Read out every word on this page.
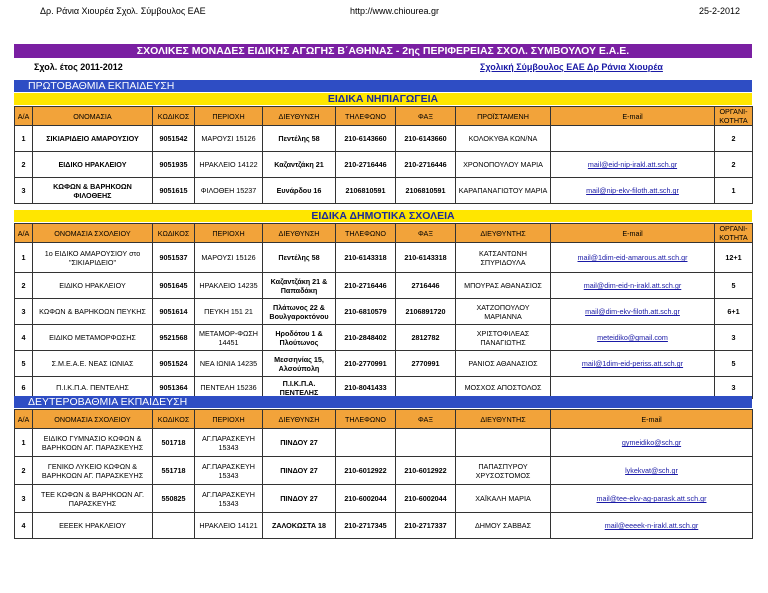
Δρ. Ράνια Χιουρέα Σχολ. Σύμβουλος ΕΑΕ	http://www.chiourea.gr	25-2-2012
ΣΧΟΛΙΚΕΣ ΜΟΝΑΔΕΣ ΕΙΔΙΚΗΣ ΑΓΩΓΗΣ Β΄ΑΘΗΝΑΣ - 2ης ΠΕΡΙΦΕΡΕΙΑΣ ΣΧΟΛ. ΣΥΜΒΟΥΛΟΥ Ε.Α.Ε.
Σχολ. έτος 2011-2012	Σχολική Σύμβουλος ΕΑΕ Δρ Ράνια Χιουρέα
ΠΡΩΤΟΒΑΘΜΙΑ ΕΚΠΑΙΔΕΥΣΗ
ΕΙΔΙΚΑ ΝΗΠΙΑΓΩΓΕΙΑ
Α/Α	ΟΝΟΜΑΣΙΑ	ΚΩΔΙΚΟΣ	ΠΕΡΙΟΧΗ	ΔΙΕΥΘΥΝΣΗ	ΤΗΛΕΦΩΝΟ	ΦΑΞ	ΠΡΟΪΣΤΑΜΕΝΗ	E-mail	ΟΡΓΑΝΙ-ΚΟΤΗΤΑ
1	ΣΙΚΙΑΡΙΔΕΙΟ ΑΜΑΡΟΥΣΙΟΥ	9051542	ΜΑΡΟΥΣΙ 15126	Πεντέλης 58	210-6143660	210-6143660	ΚΟΛΟΚΥΘΑ ΚΩΝ/ΝΑ		2
2	ΕΙΔΙΚΟ ΗΡΑΚΛΕΙΟΥ	9051935	ΗΡΑΚΛΕΙΟ 14122	Καζαντζάκη 21	210-2716446	210-2716446	ΧΡΟΝΟΠΟΥΛΟΥ ΜΑΡΙΑ	mail@eid-nip-irakl.att.sch.gr	2
3	ΚΩΦΩΝ & ΒΑΡΗΚΟΩΝ ΦΙΛΟΘΕΗΣ	9051615	ΦΙΛΟΘΕΗ 15237	Ευνάρδου 16	2106810591	2106810591	ΚΑΡΑΠΑΝΑΓΙΩΤΟΥ ΜΑΡΙΑ	mail@nip-ekv-filoth.att.sch.gr	1
ΕΙΔΙΚΑ ΔΗΜΟΤΙΚΑ ΣΧΟΛΕΙΑ
Α/Α	ΟΝΟΜΑΣΙΑ ΣΧΟΛΕΙΟΥ	ΚΩΔΙΚΟΣ	ΠΕΡΙΟΧΗ	ΔΙΕΥΘΥΝΣΗ	ΤΗΛΕΦΩΝΟ	ΦΑΞ	ΔΙΕΥΘΥΝΤΗΣ	E-mail	ΟΡΓΑΝΙ-ΚΟΤΗΤΑ
1	1ο ΕΙΔΙΚΟ ΑΜΑΡΟΥΣΙΟΥ στο "ΣΙΚΙΑΡΙΔΕΙΟ"	9051537	ΜΑΡΟΥΣΙ 15126	Πεντέλης 58	210-6143318	210-6143318	ΚΑΤΣΑΝΤΩΝΗ ΣΠΥΡΙΔΟΥΛΑ	mail@1dim-eid-amarous.att.sch.gr	12+1
2	ΕΙΔΙΚΟ ΗΡΑΚΛΕΙΟΥ	9051645	ΗΡΑΚΛΕΙΟ 14235	Καζαντζάκη 21 & Παπαδάκη	210-2716446	2716446	ΜΠΟΥΡΑΣ ΑΘΑΝΑΣΙΟΣ	mail@dim-eid-n-irakl.att.sch.gr	5
3	ΚΩΦΩΝ & ΒΑΡΗΚΟΩΝ ΠΕΥΚΗΣ	9051614	ΠΕΥΚΗ 151 21	Πλάτωνος 22 & Βουλγαροκτόνου	210-6810579	2106891720	ΧΑΤΖΟΠΟΥΛΟΥ ΜΑΡΙΑΝΝΑ	mail@dim-ekv-filoth.att.sch.gr	6+1
4	ΕΙΔΙΚΟ ΜΕΤΑΜΟΡΦΩΣΗΣ	9521568	ΜΕΤΑΜΟΡ-ΦΩΣΗ 14451	Ηροδότου 1 & Πλούτωνος	210-2848402	2812782	ΧΡΙΣΤΟΦΙΛΕΑΣ ΠΑΝΑΓΙΩΤΗΣ	meteidiko@gmail.com	3
5	Σ.Μ.Ε.Α.Ε. ΝΕΑΣ ΙΩΝΙΑΣ	9051524	ΝΕΑ ΙΩΝΙΑ 14235	Μεσσηνίας 15, Αλσούπολη	210-2770991	2770991	ΡΑΝΙΟΣ ΑΘΑΝΑΣΙΟΣ	mail@1dim-eid-periss.att.sch.gr	5
6	Π.Ι.Κ.Π.Α. ΠΕΝΤΕΛΗΣ	9051364	ΠΕΝΤΕΛΗ 15236	Π.Ι.Κ.Π.Α. ΠΕΝΤΕΛΗΣ	210-8041433		ΜΟΣΧΟΣ ΑΠΟΣΤΟΛΟΣ		3
ΔΕΥΤΕΡΟΒΑΘΜΙΑ ΕΚΠΑΙΔΕΥΣΗ
Α/Α	ΟΝΟΜΑΣΙΑ ΣΧΟΛΕΙΟΥ	ΚΩΔΙΚΟΣ	ΠΕΡΙΟΧΗ	ΔΙΕΥΘΥΝΣΗ	ΤΗΛΕΦΩΝΟ	ΦΑΞ	ΔΙΕΥΘΥΝΤΗΣ	E-mail
1	ΕΙΔΙΚΟ ΓΥΜΝΑΣΙΟ ΚΩΦΩΝ & ΒΑΡΗΚΟΩΝ ΑΓ. ΠΑΡΑΣΚΕΥΗΣ	501718	ΑΓ.ΠΑΡΑΣΚΕΥΗ 15343	ΠΙΝΔΟΥ 27				gymeidiko@sch.gr
2	ΓΕΝΙΚΟ ΛΥΚΕΙΟ ΚΩΦΩΝ & ΒΑΡΗΚΟΩΝ ΑΓ. ΠΑΡΑΣΚΕΥΗΣ	551718	ΑΓ.ΠΑΡΑΣΚΕΥΗ 15343	ΠΙΝΔΟΥ 27	210-6012922	210-6012922	ΠΑΠΑΣΠΥΡΟΥ ΧΡΥΣΟΣΤΟΜΟΣ	lykekvat@sch.gr
3	ΤΕΕ ΚΩΦΩΝ & ΒΑΡΗΚΟΩΝ ΑΓ. ΠΑΡΑΣΚΕΥΗΣ	550825	ΑΓ.ΠΑΡΑΣΚΕΥΗ 15343	ΠΙΝΔΟΥ 27	210-6002044	210-6002044	ΧΑΪΚΑΛΗ ΜΑΡΙΑ	mail@tee-ekv-ag-parask.att.sch.gr
4	ΕΕΕΕΚ ΗΡΑΚΛΕΙΟΥ		ΗΡΑΚΛΕΙΟ 14121	ΖΑΛΟΚΩΣΤΑ 18	210-2717345	210-2717337	ΔΗΜΟΥ ΣΑΒΒΑΣ	mail@eeeek-n-irakl.att.sch.gr
